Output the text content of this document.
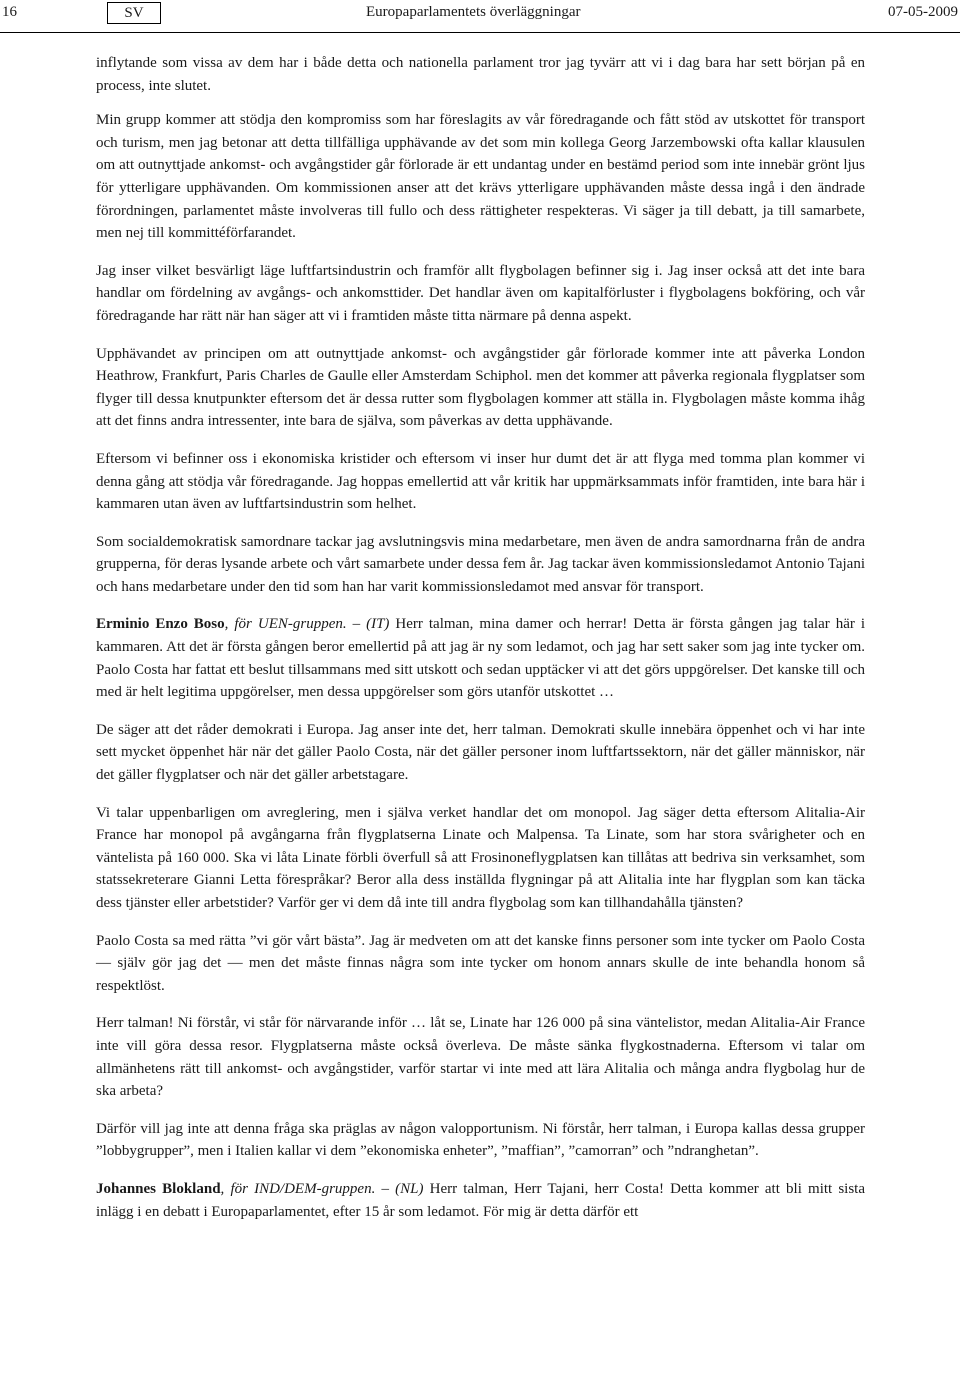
16	SV	Europaparlamentets överläggningar	07-05-2009

inflytande som vissa av dem har i både detta och nationella parlament tror jag tyvärr att vi i dag bara har sett början på en process, inte slutet.

Min grupp kommer att stödja den kompromiss som har föreslagits av vår föredragande och fått stöd av utskottet för transport och turism, men jag betonar att detta tillfälliga upphävande av det som min kollega Georg Jarzembowski ofta kallar klausulen om att outnyttjade ankomst- och avgångstider går förlorade är ett undantag under en bestämd period som inte innebär grönt ljus för ytterligare upphävanden. Om kommissionen anser att det krävs ytterligare upphävanden måste dessa ingå i den ändrade förordningen, parlamentet måste involveras till fullo och dess rättigheter respekteras. Vi säger ja till debatt, ja till samarbete, men nej till kommittéförfarandet.

Jag inser vilket besvärligt läge luftfartsindustrin och framför allt flygbolagen befinner sig i. Jag inser också att det inte bara handlar om fördelning av avgångs- och ankomsttider. Det handlar även om kapitalförluster i flygbolagens bokföring, och vår föredragande har rätt när han säger att vi i framtiden måste titta närmare på denna aspekt.

Upphävandet av principen om att outnyttjade ankomst- och avgångstider går förlorade kommer inte att påverka London Heathrow, Frankfurt, Paris Charles de Gaulle eller Amsterdam Schiphol. men det kommer att påverka regionala flygplatser som flyger till dessa knutpunkter eftersom det är dessa rutter som flygbolagen kommer att ställa in. Flygbolagen måste komma ihåg att det finns andra intressenter, inte bara de själva, som påverkas av detta upphävande.

Eftersom vi befinner oss i ekonomiska kristider och eftersom vi inser hur dumt det är att flyga med tomma plan kommer vi denna gång att stödja vår föredragande. Jag hoppas emellertid att vår kritik har uppmärksammats inför framtiden, inte bara här i kammaren utan även av luftfartsindustrin som helhet.

Som socialdemokratisk samordnare tackar jag avslutningsvis mina medarbetare, men även de andra samordnarna från de andra grupperna, för deras lysande arbete och vårt samarbete under dessa fem år. Jag tackar även kommissionsledamot Antonio Tajani och hans medarbetare under den tid som han har varit kommissionsledamot med ansvar för transport.

Erminio Enzo Boso, för UEN-gruppen. – (IT) Herr talman, mina damer och herrar! Detta är första gången jag talar här i kammaren. Att det är första gången beror emellertid på att jag är ny som ledamot, och jag har sett saker som jag inte tycker om. Paolo Costa har fattat ett beslut tillsammans med sitt utskott och sedan upptäcker vi att det görs uppgörelser. Det kanske till och med är helt legitima uppgörelser, men dessa uppgörelser som görs utanför utskottet …

De säger att det råder demokrati i Europa. Jag anser inte det, herr talman. Demokrati skulle innebära öppenhet och vi har inte sett mycket öppenhet här när det gäller Paolo Costa, när det gäller personer inom luftfartssektorn, när det gäller människor, när det gäller flygplatser och när det gäller arbetstagare.

Vi talar uppenbarligen om avreglering, men i själva verket handlar det om monopol. Jag säger detta eftersom Alitalia-Air France har monopol på avgångarna från flygplatserna Linate och Malpensa. Ta Linate, som har stora svårigheter och en väntelista på 160 000. Ska vi låta Linate förbli överfull så att Frosinoneflygplatsen kan tillåtas att bedriva sin verksamhet, som statssekreterare Gianni Letta förespråkar? Beror alla dess inställda flygningar på att Alitalia inte har flygplan som kan täcka dess tjänster eller arbetstider? Varför ger vi dem då inte till andra flygbolag som kan tillhandahålla tjänsten?

Paolo Costa sa med rätta ”vi gör vårt bästa”. Jag är medveten om att det kanske finns personer som inte tycker om Paolo Costa — själv gör jag det — men det måste finnas några som inte tycker om honom annars skulle de inte behandla honom så respektlöst.

Herr talman! Ni förstår, vi står för närvarande inför … låt se, Linate har 126 000 på sina väntelistor, medan Alitalia-Air France inte vill göra dessa resor. Flygplatserna måste också överleva. De måste sänka flygkostnaderna. Eftersom vi talar om allmänhetens rätt till ankomst- och avgångstider, varför startar vi inte med att lära Alitalia och många andra flygbolag hur de ska arbeta?

Därför vill jag inte att denna fråga ska präglas av någon valopportunism. Ni förstår, herr talman, i Europa kallas dessa grupper ”lobbygrupper”, men i Italien kallar vi dem ”ekonomiska enheter”, ”maffian”, ”camorran” och ”ndranghetan”.

Johannes Blokland, för IND/DEM-gruppen. – (NL) Herr talman, Herr Tajani, herr Costa! Detta kommer att bli mitt sista inlägg i en debatt i Europaparlamentet, efter 15 år som ledamot. För mig är detta därför ett
